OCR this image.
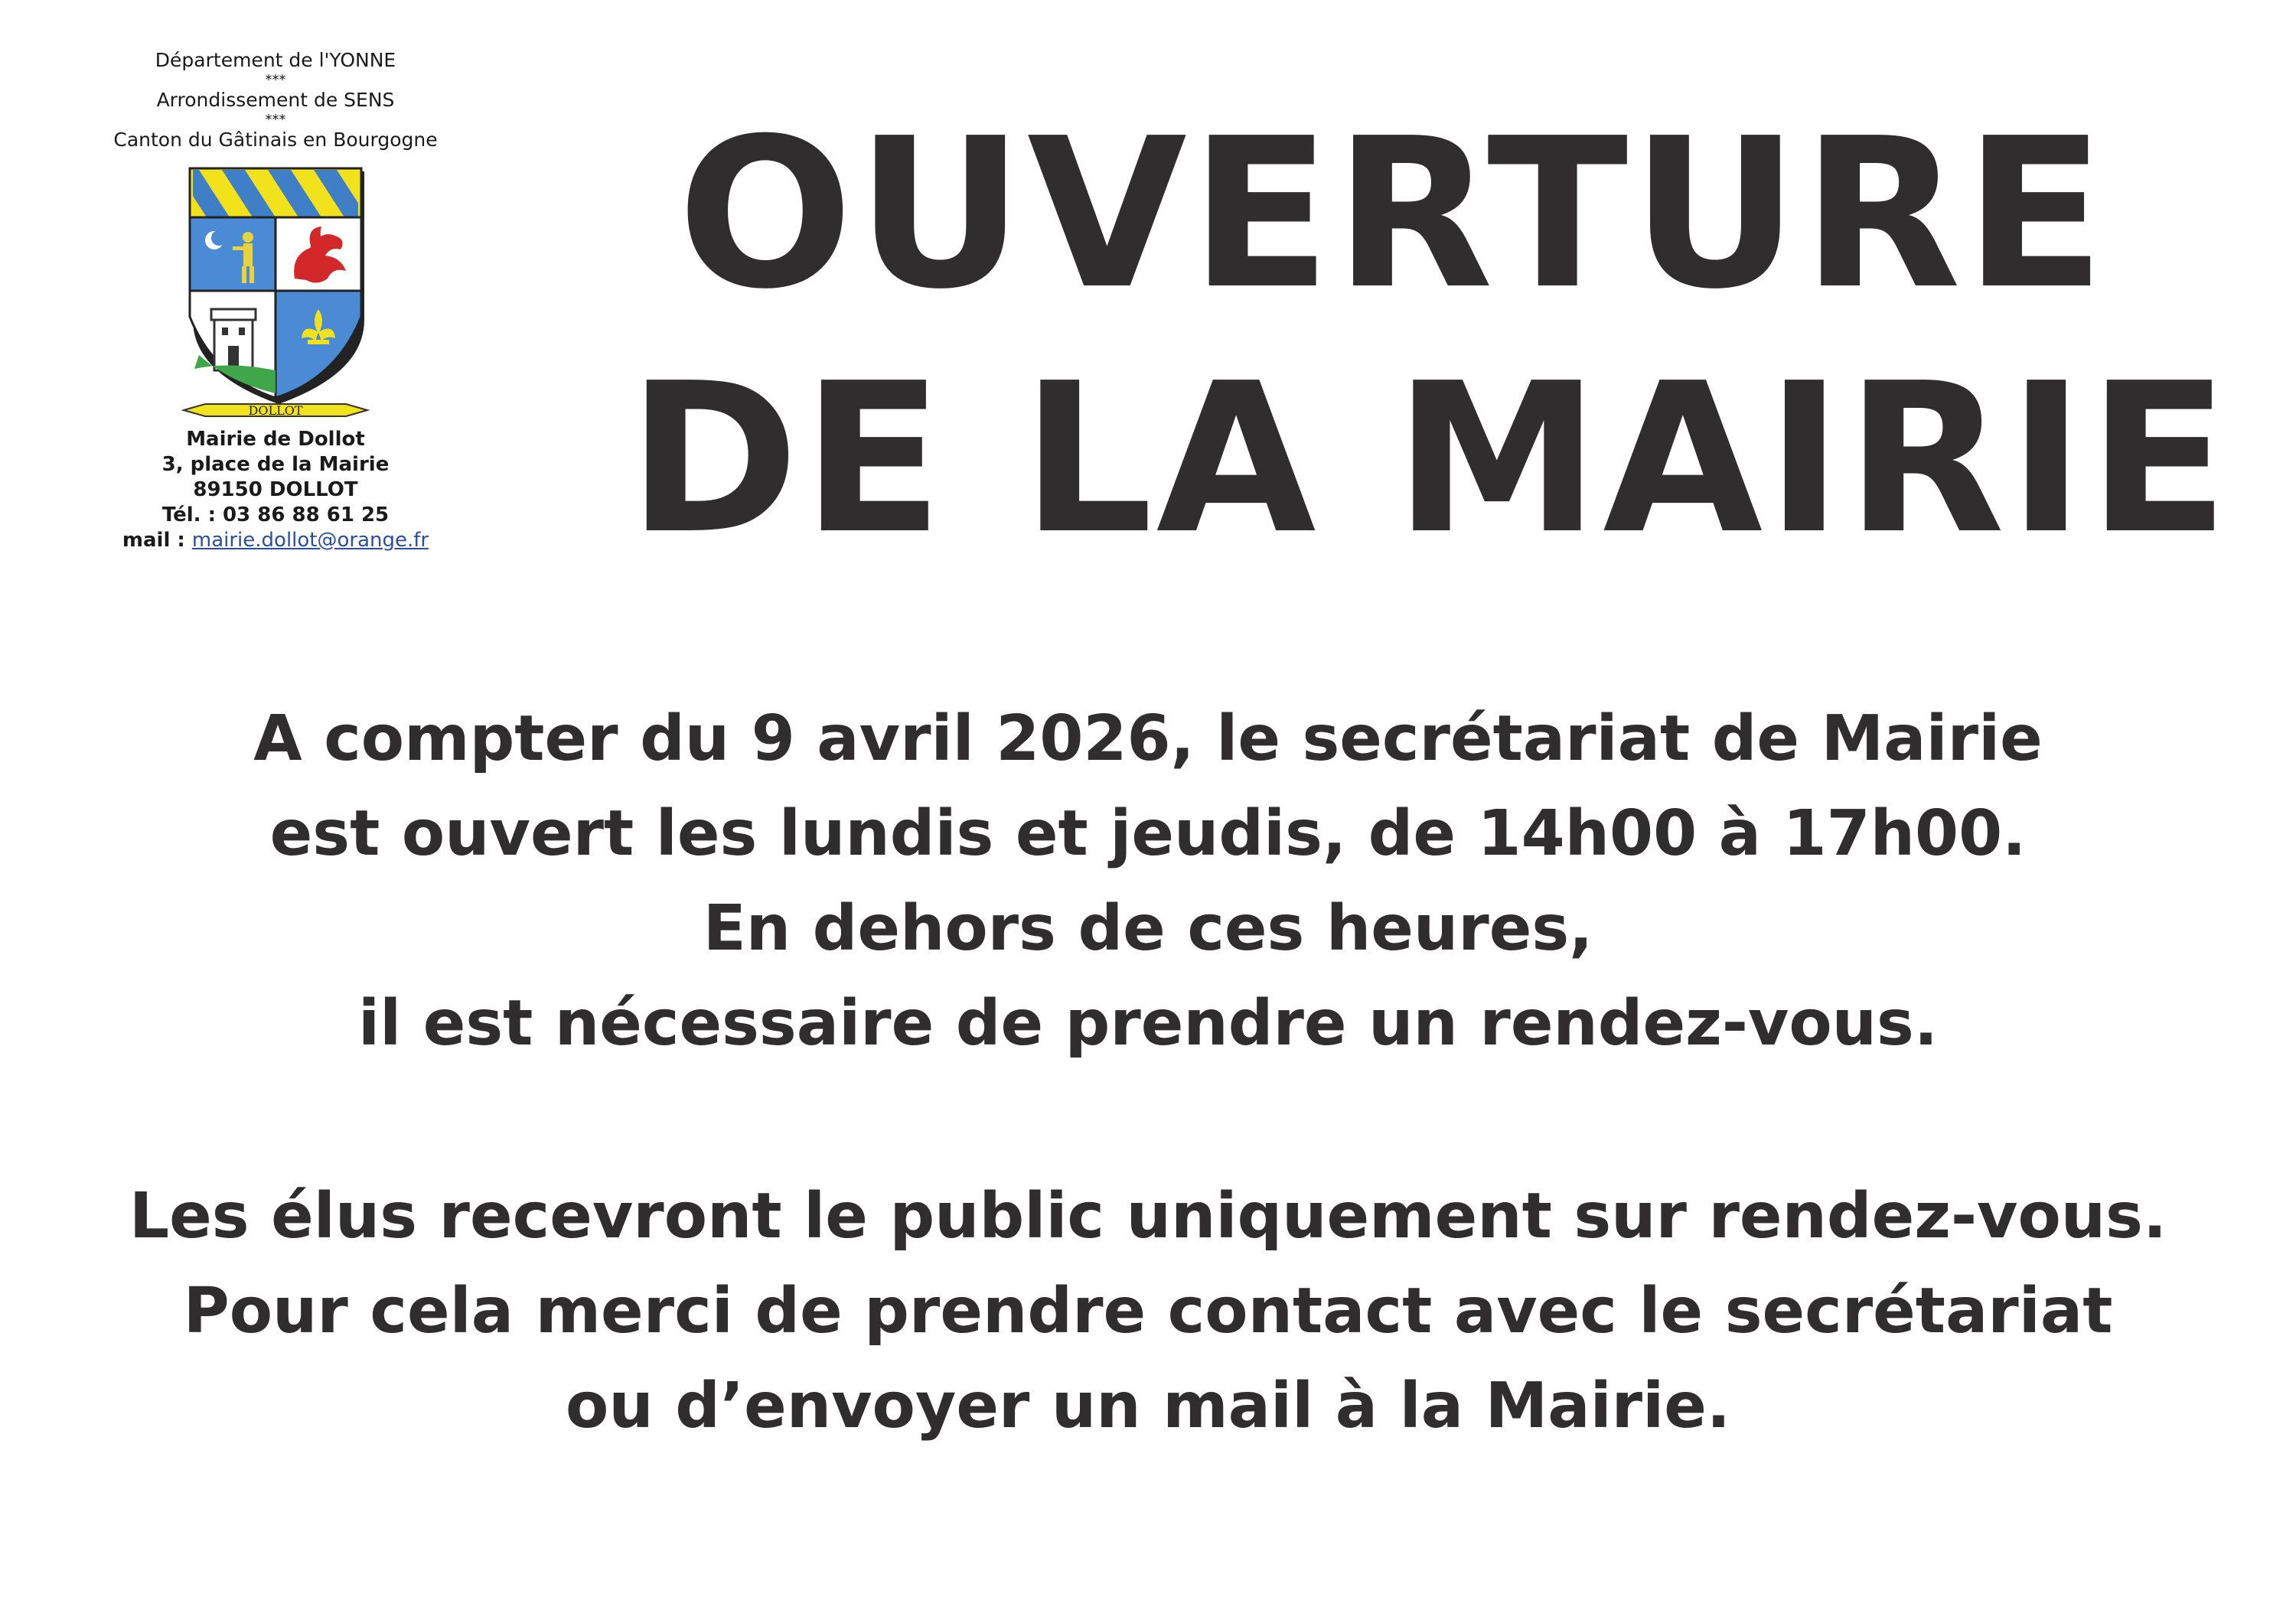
Département de l'YONNE
***
Arrondissement de SENS
***
Canton du Gâtinais en Bourgogne
DOLLOT
Mairie de Dollot
3, place de la Mairie
89150 DOLLOT
Tél. : 03 86 88 61 25
mail : mairie.dollot@orange.fr
OUVERTURE
DE LA MAIRIE
A compter du 9 avril 2026, le secrétariat de Mairie
est ouvert les lundis et jeudis, de 14h00 à 17h00.
En dehors de ces heures,
il est nécessaire de prendre un rendez-vous.
Les élus recevront le public uniquement sur rendez-vous.
Pour cela merci de prendre contact avec le secrétariat
ou d’envoyer un mail à la Mairie.
